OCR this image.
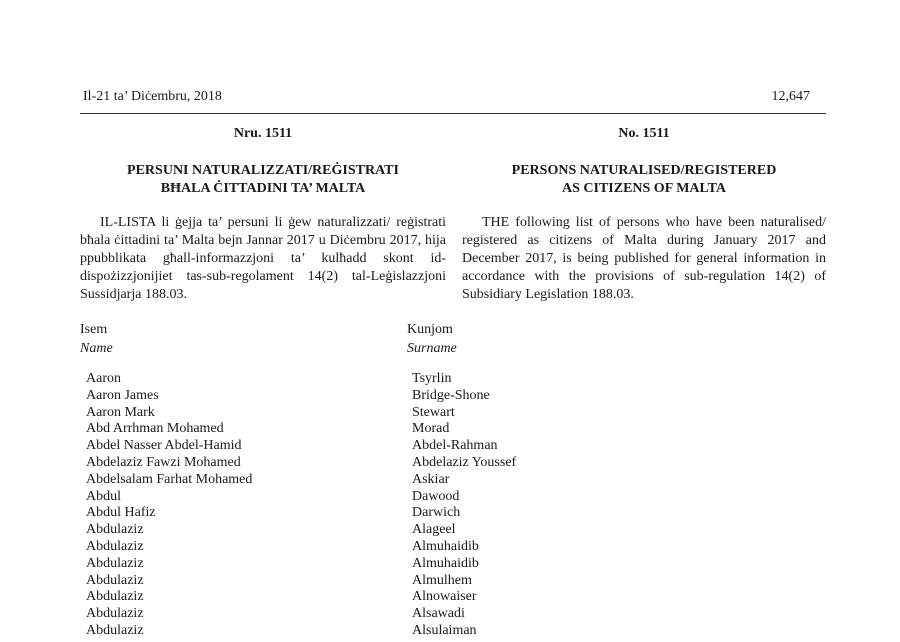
Il-21 ta’ Diċembru, 2018	12,647
Nru. 1511
PERSUNI NATURALIZZATI/REĠISTRATI
BĦALA ĊITTADINI TA’ MALTA
IL-LISTA li ġejja ta’ persuni li ġew naturalizzati/ reġistrati bħala ċittadini ta’ Malta bejn Jannar 2017 u Diċembru 2017, hija ppubblikata għall-informazzjoni ta’ kulħadd skont id-dispożizzjonijiet tas-sub-regolament 14(2) tal-Leġislazzjoni Sussidjarja 188.03.
No. 1511
PERSONS NATURALISED/REGISTERED
AS CITIZENS OF MALTA
THE following list of persons who have been naturalised/ registered as citizens of Malta during January 2017 and December 2017, is being published for general information in accordance with the provisions of sub-regulation 14(2) of Subsidiary Legislation 188.03.
Isem
Name
Kunjom
Surname
Aaron
Aaron James
Aaron Mark
Abd Arrhman Mohamed
Abdel Nasser Abdel-Hamid
Abdelaziz Fawzi Mohamed
Abdelsalam Farhat Mohamed
Abdul
Abdul Hafiz
Abdulaziz
Abdulaziz
Abdulaziz
Abdulaziz
Abdulaziz
Abdulaziz
Abdulaziz
Tsyrlin
Bridge-Shone
Stewart
Morad
Abdel-Rahman
Abdelaziz Youssef
Askiar
Dawood
Darwich
Alageel
Almuhaidib
Almuhaidib
Almulhem
Alnowaiser
Alsawadi
Alsulaiman
